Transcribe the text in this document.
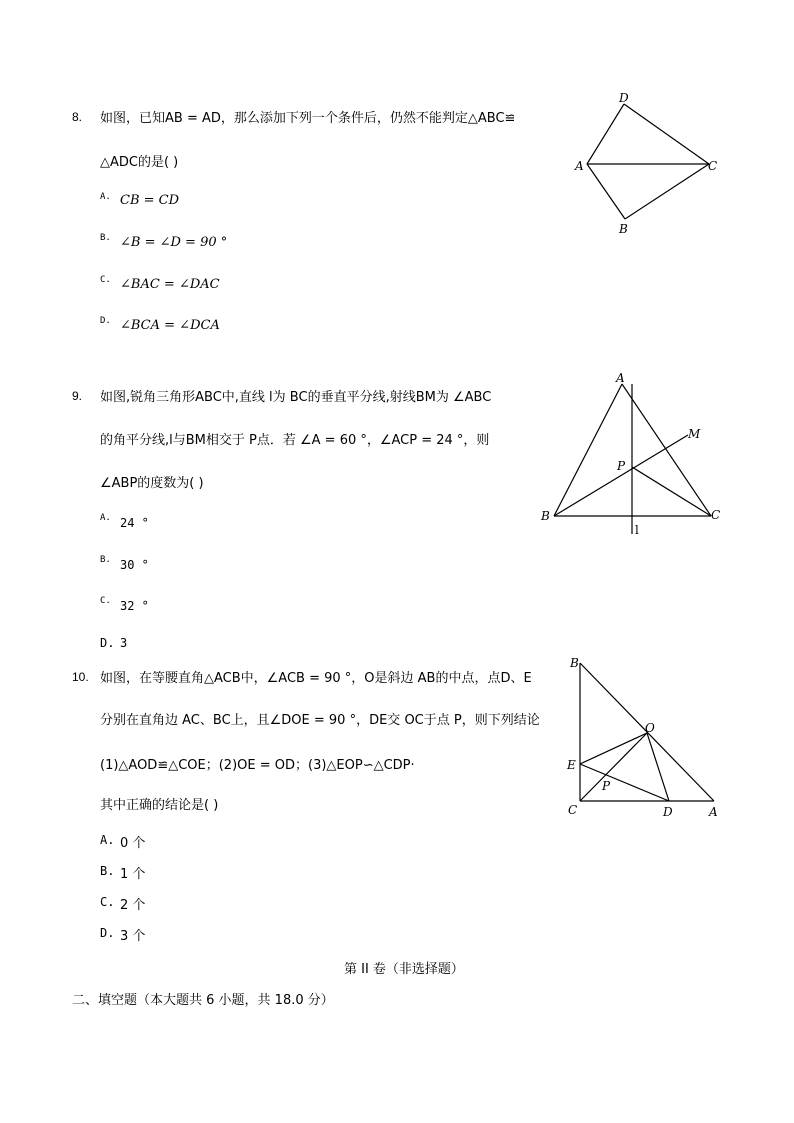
8. 如图，已知AB = AD，那么添加下列一个条件后，仍然不能判定△ABC≌
△ADC的是( )
A. CB = CD
B. ∠B = ∠D = 90 °
C. ∠BAC = ∠DAC
D. ∠BCA = ∠DCA
D
A	C
B
9. 如图,锐角三角形ABC中,直线 l为 BC的垂直平分线,射线BM为 ∠ABC
的角平分线,l与BM相交于 P点．若 ∠A = 60 °，∠ACP = 24 °，则
∠ABP的度数为( )
A. 24 °
B. 30 °
C. 32 °
D. 3
A
B	C
M
P
l
10. 如图，在等腰直角△ACB中，∠ACB = 90 °，O是斜边 AB的中点，点D、E
分别在直角边 AC、BC上，且∠DOE = 90 °，DE交 OC于点 P，则下列结论
(1)△AOD≌△COE；(2)OE = OD；(3)△EOP∽△CDP·
其中正确的结论是( )
A. 0 个
B. 1 个
C. 2 个
D. 3 个
B
E
C	D	A
O
P
第 II 卷（非选择题）
二、填空题（本大题共 6 小题，共 18.0 分）
